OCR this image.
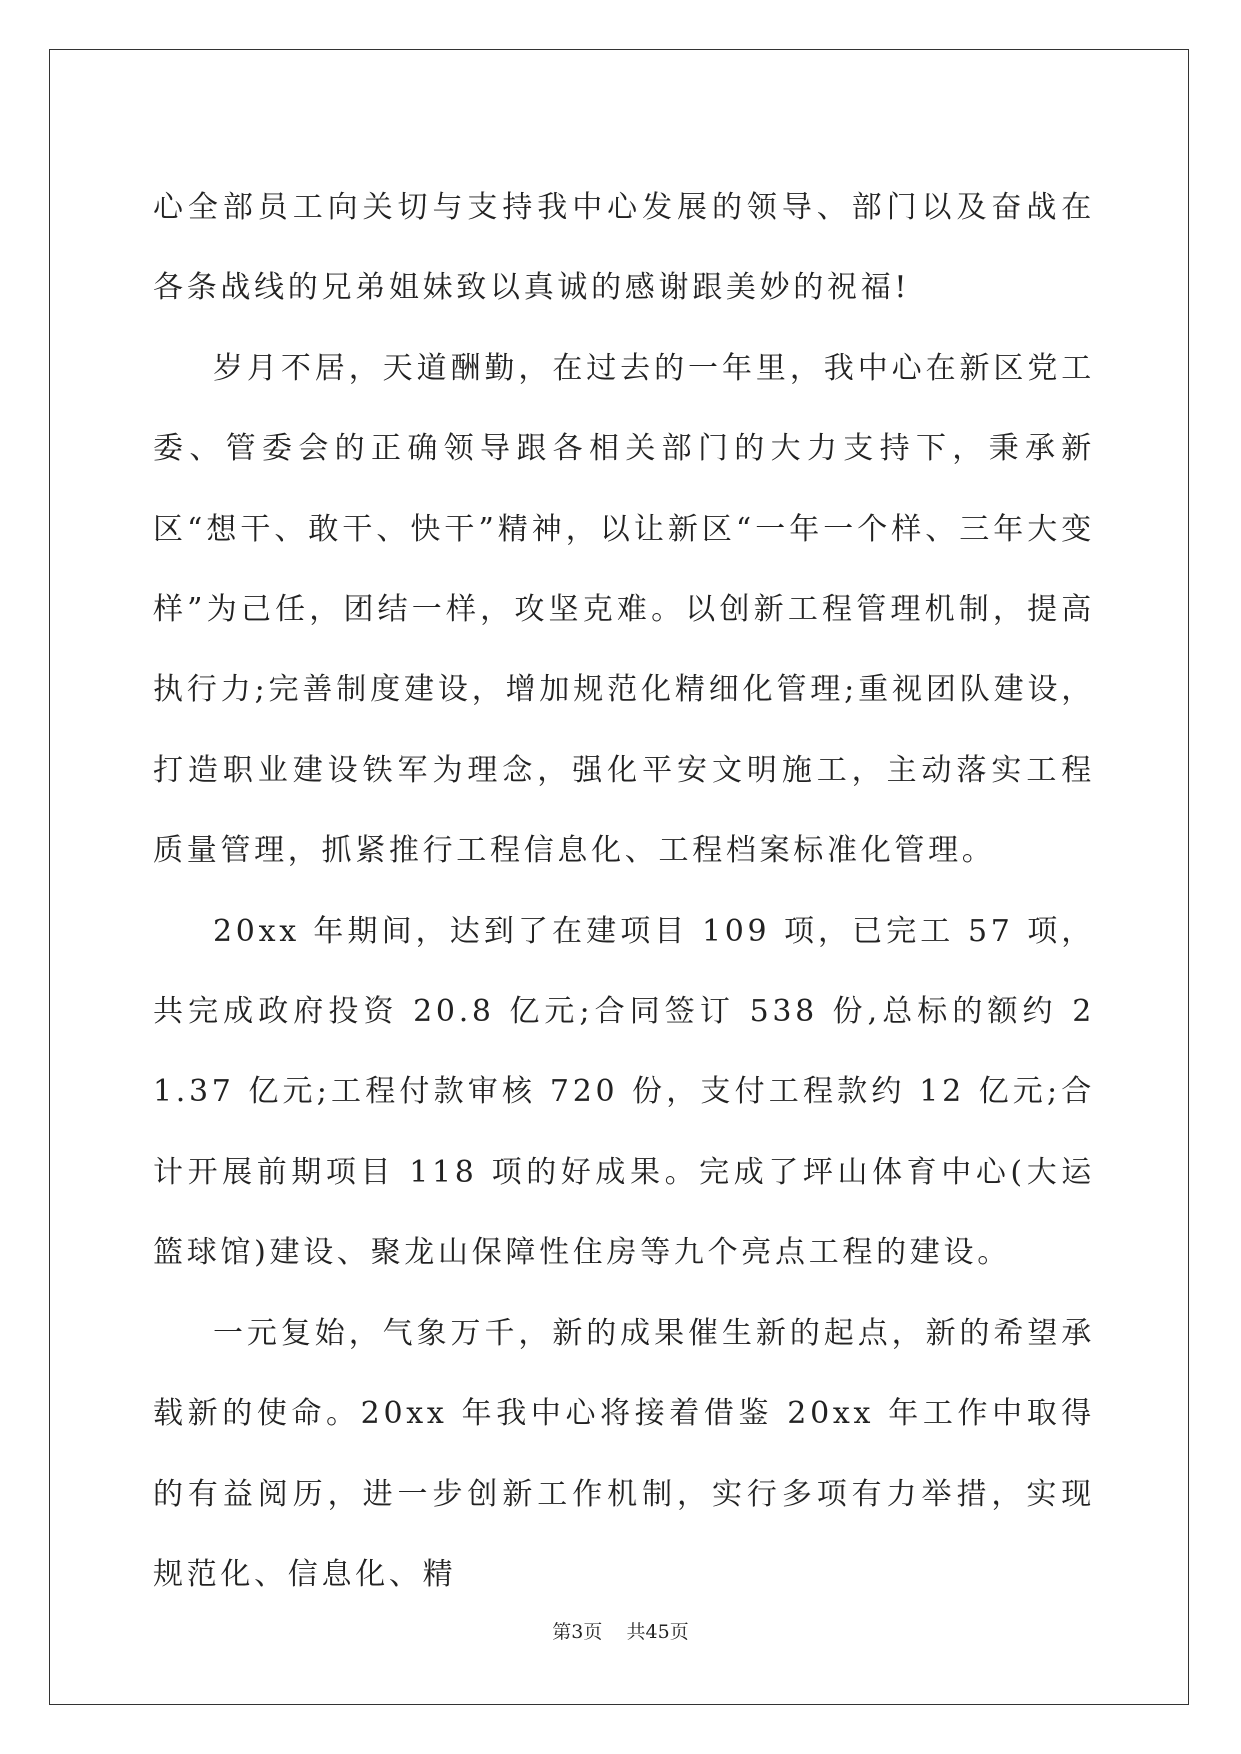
心全部员工向关切与支持我中心发展的领导、部门以及奋战在各条战线的兄弟姐妹致以真诚的感谢跟美妙的祝福!

岁月不居，天道酬勤，在过去的一年里，我中心在新区党工委、管委会的正确领导跟各相关部门的大力支持下，秉承新区“想干、敢干、快干”精神，以让新区“一年一个样、三年大变样”为己任，团结一样，攻坚克难。以创新工程管理机制，提高执行力;完善制度建设，增加规范化精细化管理;重视团队建设，打造职业建设铁军为理念，强化平安文明施工，主动落实工程质量管理，抓紧推行工程信息化、工程档案标准化管理。

20xx 年期间，达到了在建项目 109 项，已完工 57 项，共完成政府投资 20.8 亿元;合同签订 538 份,总标的额约 21.37 亿元;工程付款审核 720 份，支付工程款约 12 亿元;合计开展前期项目 118 项的好成果。完成了坪山体育中心(大运篮球馆)建设、聚龙山保障性住房等九个亮点工程的建设。

一元复始，气象万千，新的成果催生新的起点，新的希望承载新的使命。20xx 年我中心将接着借鉴 20xx 年工作中取得的有益阅历，进一步创新工作机制，实行多项有力举措，实现规范化、信息化、精

第3页 共45页
